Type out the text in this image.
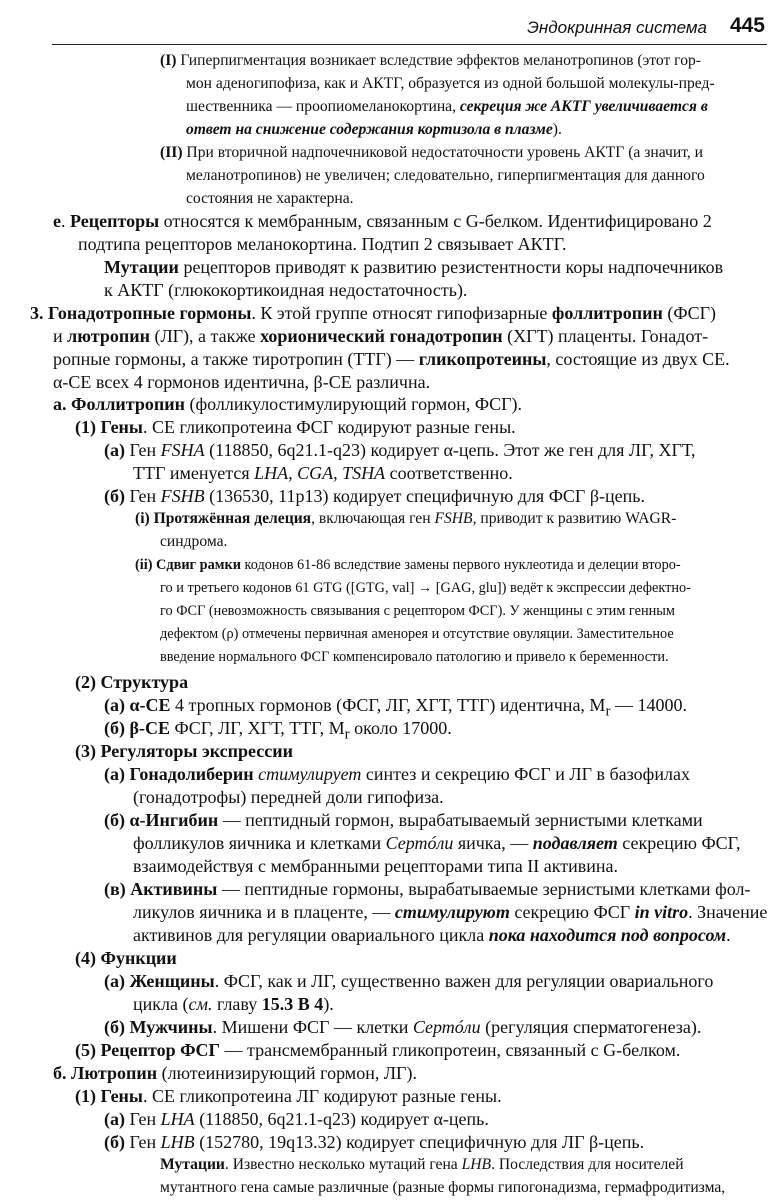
Эндокринная система 445
(I) Гиперпигментация возникает вследствие эффектов меланотропинов (этот гор-
мон аденогипофиза, как и АКТГ, образуется из одной большой молекулы-пред-
шественника — проопиомеланокортина, секреция же АКТГ увеличивается в
ответ на снижение содержания кортизола в плазме).
(II) При вторичной надпочечниковой недостаточности уровень АКТГ (а значит, и
меланотропинов) не увеличен; следовательно, гиперпигментация для данного
состояния не характерна.
е. Рецепторы относятся к мембранным, связанным с G-белком. Идентифицировано 2
подтипа рецепторов меланокортина. Подтип 2 связывает АКТГ.
Мутации рецепторов приводят к развитию резистентности коры надпочечников
к АКТГ (глюкокортикоидная недостаточность).
3. Гонадотропные гормоны. К этой группе относят гипофизарные фоллитропин (ФСГ)
и лютропин (ЛГ), а также хорионический гонадотропин (ХГТ) плаценты. Гонадот-
ропные гормоны, а также тиротропин (ТТГ) — гликопротеины, состоящие из двух СЕ.
α-СЕ всех 4 гормонов идентична, β-СЕ различна.
а. Фоллитропин (фолликулостимулирующий гормон, ФСГ).
(1) Гены. СЕ гликопротеина ФСГ кодируют разные гены.
(а) Ген FSHA (118850, 6q21.1-q23) кодирует α-цепь. Этот же ген для ЛГ, ХГТ,
ТТГ именуется LHA, CGA, TSHA соответственно.
(б) Ген FSHB (136530, 11p13) кодирует специфичную для ФСГ β-цепь.
(i) Протяжённая делеция, включающая ген FSHB, приводит к развитию WAGR-
синдрома.
(ii) Сдвиг рамки кодонов 61-86 вследствие замены первого нуклеотида и делеции второ-
го и третьего кодонов 61 GTG ([GTG, val] → [GAG, glu]) ведёт к экспрессии дефектно-
го ФСГ (невозможность связывания с рецептором ФСГ). У женщины с этим генным
дефектом (ρ) отмечены первичная аменорея и отсутствие овуляции. Заместительное
введение нормального ФСГ компенсировало патологию и привело к беременности.
(2) Структура
(а) α-СЕ 4 тропных гормонов (ФСГ, ЛГ, ХГТ, ТТГ) идентична, $M_r$ — 14000.
(б) β-СЕ ФСГ, ЛГ, ХГТ, ТТГ, $M_r$ около 17000.
(3) Регуляторы экспрессии
(а) Гонадолиберин стимулирует синтез и секрецию ФСГ и ЛГ в базофилах
(гонадотрофы) передней доли гипофиза.
(б) α-Ингибин — пептидный гормон, вырабатываемый зернистыми клетками
фолликулов яичника и клетками Сертóли яичка, — подавляет секрецию ФСГ,
взаимодействуя с мембранными рецепторами типа II активина.
(в) Активины — пептидные гормоны, вырабатываемые зернистыми клетками фол-
ликулов яичника и в плаценте, — стимулируют секрецию ФСГ in vitro. Значение
активинов для регуляции овариального цикла пока находится под вопросом.
(4) Функции
(а) Женщины. ФСГ, как и ЛГ, существенно важен для регуляции овариального
цикла (см. главу 15.3 В 4).
(б) Мужчины. Мишени ФСГ — клетки Сертóли (регуляция сперматогенеза).
(5) Рецептор ФСГ — трансмембранный гликопротеин, связанный с G-белком.
б. Лютропин (лютеинизирующий гормон, ЛГ).
(1) Гены. СЕ гликопротеина ЛГ кодируют разные гены.
(а) Ген LHA (118850, 6q21.1-q23) кодирует α-цепь.
(б) Ген LHB (152780, 19q13.32) кодирует специфичную для ЛГ β-цепь.
Мутации. Известно несколько мутаций гена LHB. Последствия для носителей
мутантного гена самые различные (разные формы гипогонадизма, гермафродитизма,
